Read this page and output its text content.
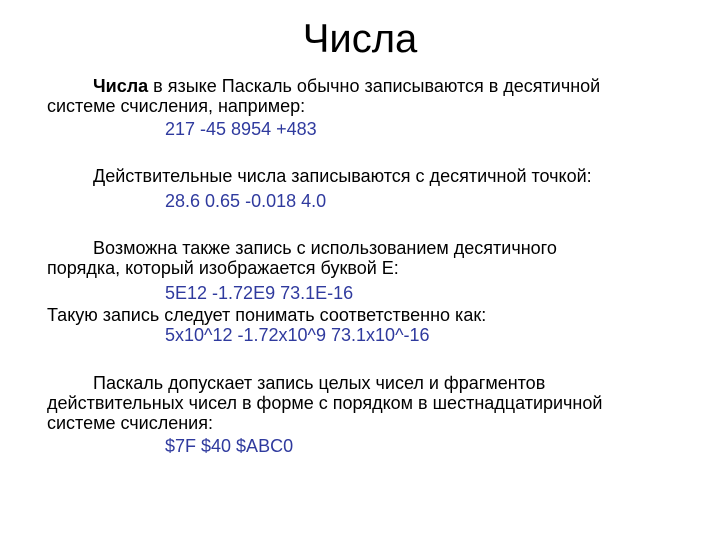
Числа
Числа в языке Паскаль обычно записываются в десятичной
системе счисления, например:
217 -45 8954 +483
Действительные числа записываются с десятичной точкой:
28.6 0.65 -0.018 4.0
Возможна также запись с использованием десятичного
порядка, который изображается буквой Е:
5E12 -1.72E9 73.1E-16
Такую запись следует понимать соответственно как:
5x10^12 -1.72x10^9 73.1x10^-16
Паскаль допускает запись целых чисел и фрагментов
действительных чисел в форме с порядком в шестнадцатиричной
системе счисления:
$7F $40 $ABC0
